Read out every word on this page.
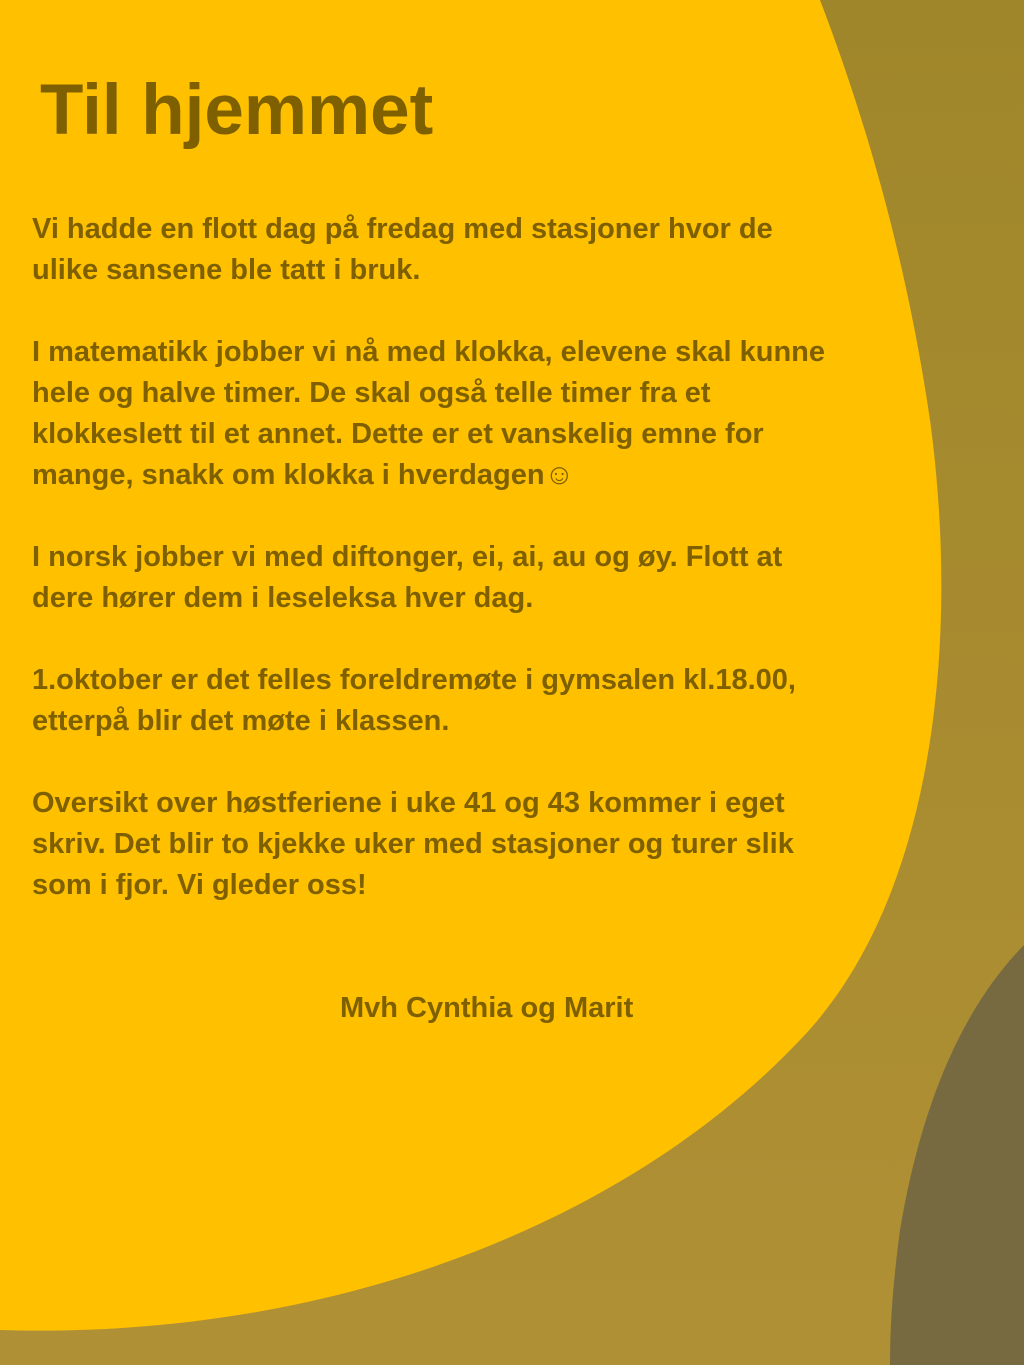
Til hjemmet

Vi hadde en flott dag på fredag med stasjoner hvor de
ulike sansene ble tatt i bruk.

I matematikk jobber vi nå med klokka, elevene skal kunne
hele og halve timer. De skal også telle timer fra et
klokkeslett til et annet. Dette er et vanskelig emne for
mange, snakk om klokka i hverdagen☺

I norsk jobber vi med diftonger, ei, ai, au og øy. Flott at
dere hører dem i leseleksa hver dag.

1.oktober er det felles foreldremøte i gymsalen kl.18.00,
etterpå blir det møte i klassen.

Oversikt over høstferiene i uke 41 og 43 kommer i eget
skriv. Det blir to kjekke uker med stasjoner og turer slik
som i fjor. Vi gleder oss!

Mvh Cynthia og Marit
